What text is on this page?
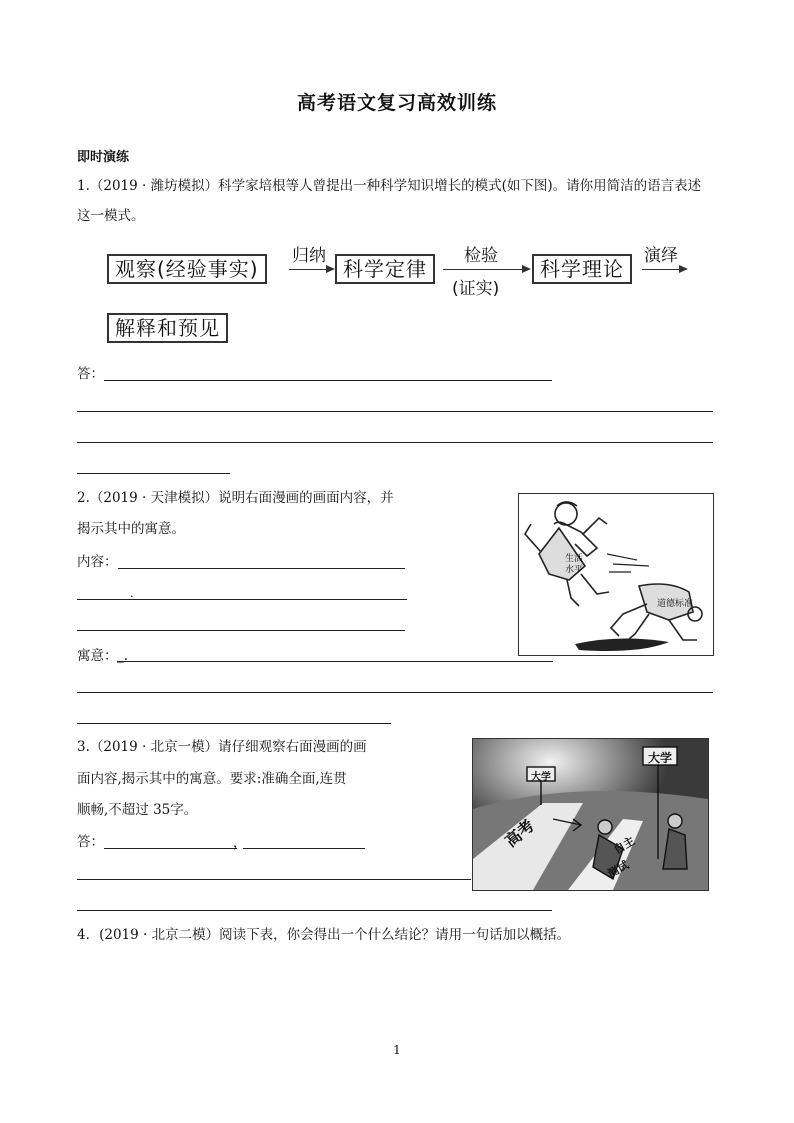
高考语文复习高效训练
即时演练
1.（2019 · 潍坊模拟）科学家培根等人曾提出一种科学知识增长的模式(如下图)。请你用简洁的语言表述
这一模式。
观察(经验事实)
归纳
科学定律
检验
(证实)
科学理论
演绎
解释和预见
答：
2.（2019 · 天津模拟）说明右面漫画的画面内容，并
揭示其中的寓意。
内容：
_ . _
寓意： _.
生活水平
道德标准
3.（2019 · 北京一模）请仔细观察右面漫画的画
面内容,揭示其中的寓意。要求:准确全面,连贯
顺畅,不超过 35字。
答：	，
大学
大学
高考	自主
测试
4．(2019 · 北京二模）阅读下表，你会得出一个什么结论？请用一句话加以概括。
1
